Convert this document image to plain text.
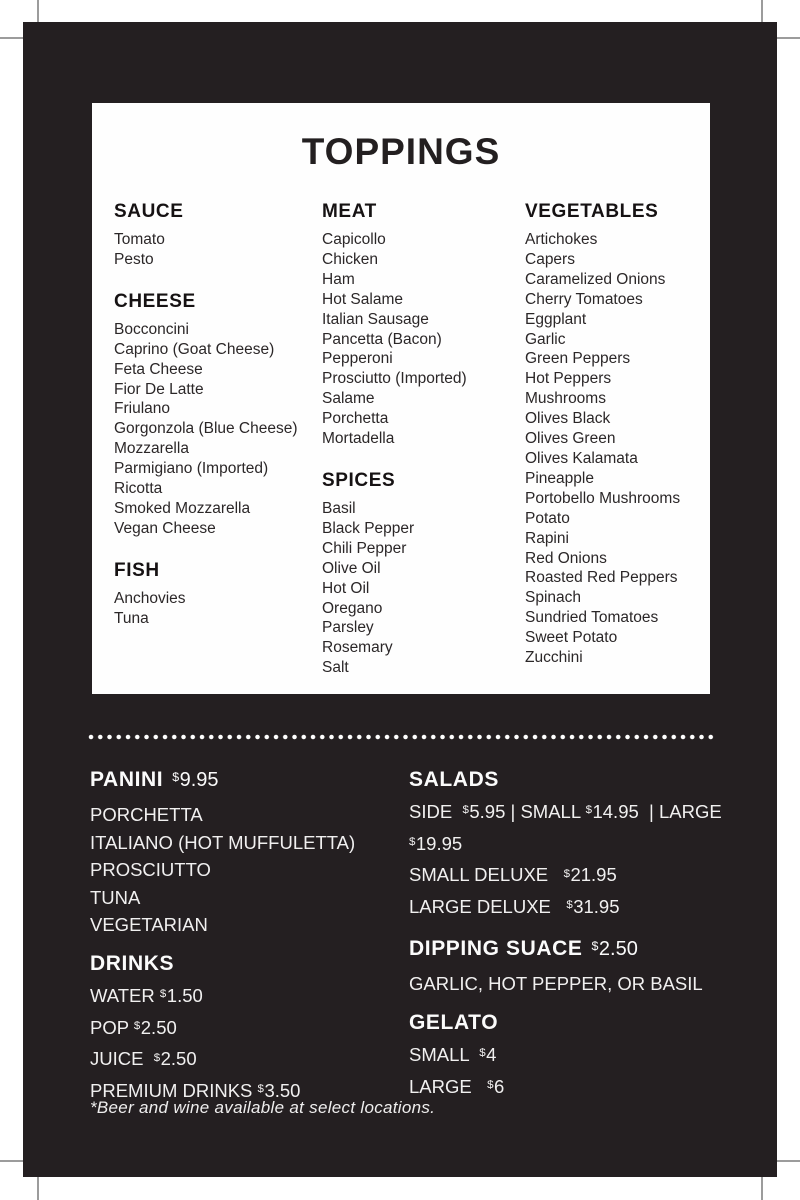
TOPPINGS
SAUCE
Tomato
Pesto
CHEESE
Bocconcini
Caprino (Goat Cheese)
Feta Cheese
Fior De Latte
Friulano
Gorgonzola (Blue Cheese)
Mozzarella
Parmigiano (Imported)
Ricotta
Smoked Mozzarella
Vegan Cheese
FISH
Anchovies
Tuna
MEAT
Capicollo
Chicken
Ham
Hot Salame
Italian Sausage
Pancetta (Bacon)
Pepperoni
Prosciutto (Imported)
Salame
Porchetta
Mortadella
SPICES
Basil
Black Pepper
Chili Pepper
Olive Oil
Hot Oil
Oregano
Parsley
Rosemary
Salt
VEGETABLES
Artichokes
Capers
Caramelized Onions
Cherry Tomatoes
Eggplant
Garlic
Green Peppers
Hot Peppers
Mushrooms
Olives Black
Olives Green
Olives Kalamata
Pineapple
Portobello Mushrooms
Potato
Rapini
Red Onions
Roasted Red Peppers
Spinach
Sundried Tomatoes
Sweet Potato
Zucchini
PANINI $9.95
PORCHETTA
ITALIANO (HOT MUFFULETTA)
PROSCIUTTO
TUNA
VEGETARIAN
DRINKS
WATER $1.50
POP $2.50
JUICE  $2.50
PREMIUM DRINKS $3.50
SALADS
SIDE  $5.95 | SMALL $14.95  | LARGE  $19.95
SMALL DELUXE   $21.95
LARGE DELUXE   $31.95
DIPPING SUACE $2.50
GARLIC, HOT PEPPER, OR BASIL
GELATO
SMALL  $4
LARGE   $6
*Beer and wine available at select locations.
